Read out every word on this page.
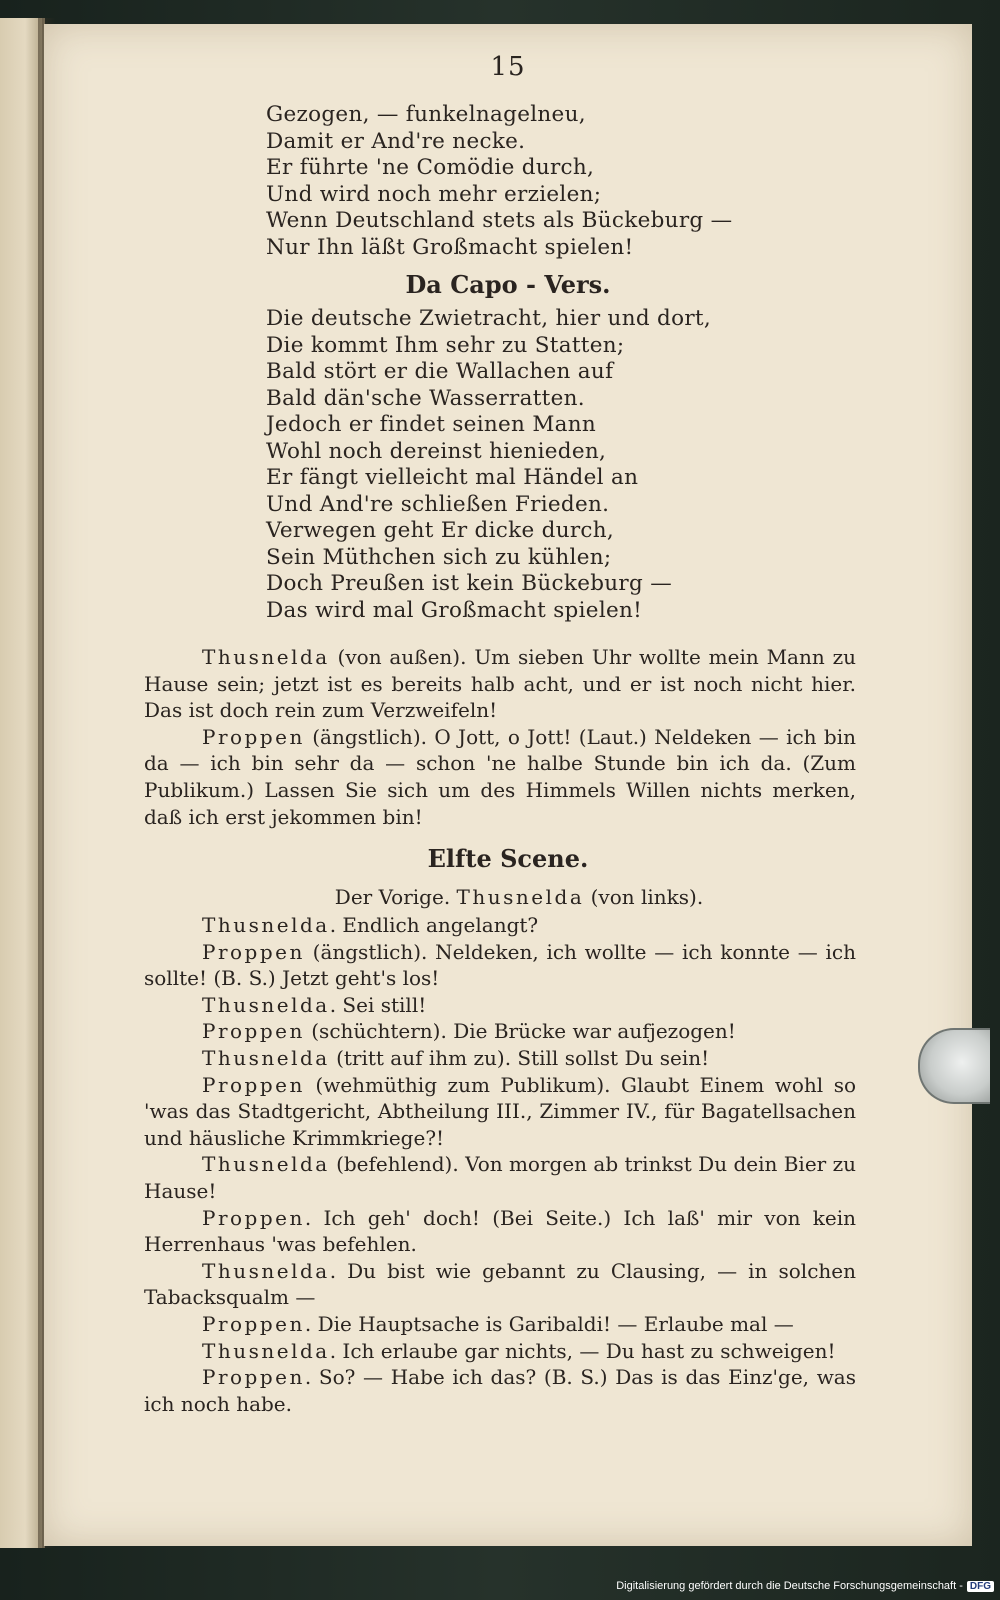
15
Gezogen, — funkelnagelneu,
Damit er And're necke.
Er führte 'ne Comödie durch,
Und wird noch mehr erzielen;
Wenn Deutschland stets als Bückeburg —
Nur Ihn läßt Großmacht spielen!
Da Capo - Vers.
Die deutsche Zwietracht, hier und dort,
Die kommt Ihm sehr zu Statten;
Bald stört er die Wallachen auf
Bald dän'sche Wasserratten.
Jedoch er findet seinen Mann
Wohl noch dereinst hienieden,
Er fängt vielleicht mal Händel an
Und And're schließen Frieden.
Verwegen geht Er dicke durch,
Sein Müthchen sich zu kühlen;
Doch Preußen ist kein Bückeburg —
Das wird mal Großmacht spielen!
Thusnelda (von außen). Um sieben Uhr wollte mein Mann zu Hause sein; jetzt ist es bereits halb acht, und er ist noch nicht hier. Das ist doch rein zum Verzweifeln!
Proppen (ängstlich). O Jott, o Jott! (Laut.) Neldeken — ich bin da — ich bin sehr da — schon 'ne halbe Stunde bin ich da. (Zum Publikum.) Lassen Sie sich um des Himmels Willen nichts merken, daß ich erst jekommen bin!
Elfte Scene.
Der Vorige. Thusnelda (von links).
Thusnelda. Endlich angelangt?
Proppen (ängstlich). Neldeken, ich wollte — ich konnte — ich sollte! (B. S.) Jetzt geht's los!
Thusnelda. Sei still!
Proppen (schüchtern). Die Brücke war aufjezogen!
Thusnelda (tritt auf ihm zu). Still sollst Du sein!
Proppen (wehmüthig zum Publikum). Glaubt Einem wohl so 'was das Stadtgericht, Abtheilung III., Zimmer IV., für Bagatellsachen und häusliche Krimmkriege?!
Thusnelda (befehlend). Von morgen ab trinkst Du dein Bier zu Hause!
Proppen. Ich geh' doch! (Bei Seite.) Ich laß' mir von kein Herrenhaus 'was befehlen.
Thusnelda. Du bist wie gebannt zu Clausing, — in solchen Tabacksqualm —
Proppen. Die Hauptsache is Garibaldi! — Erlaube mal —
Thusnelda. Ich erlaube gar nichts, — Du hast zu schweigen!
Proppen. So? — Habe ich das? (B. S.) Das is das Einz'ge, was ich noch habe.
Digitalisierung gefördert durch die Deutsche Forschungsgemeinschaft - DFG
